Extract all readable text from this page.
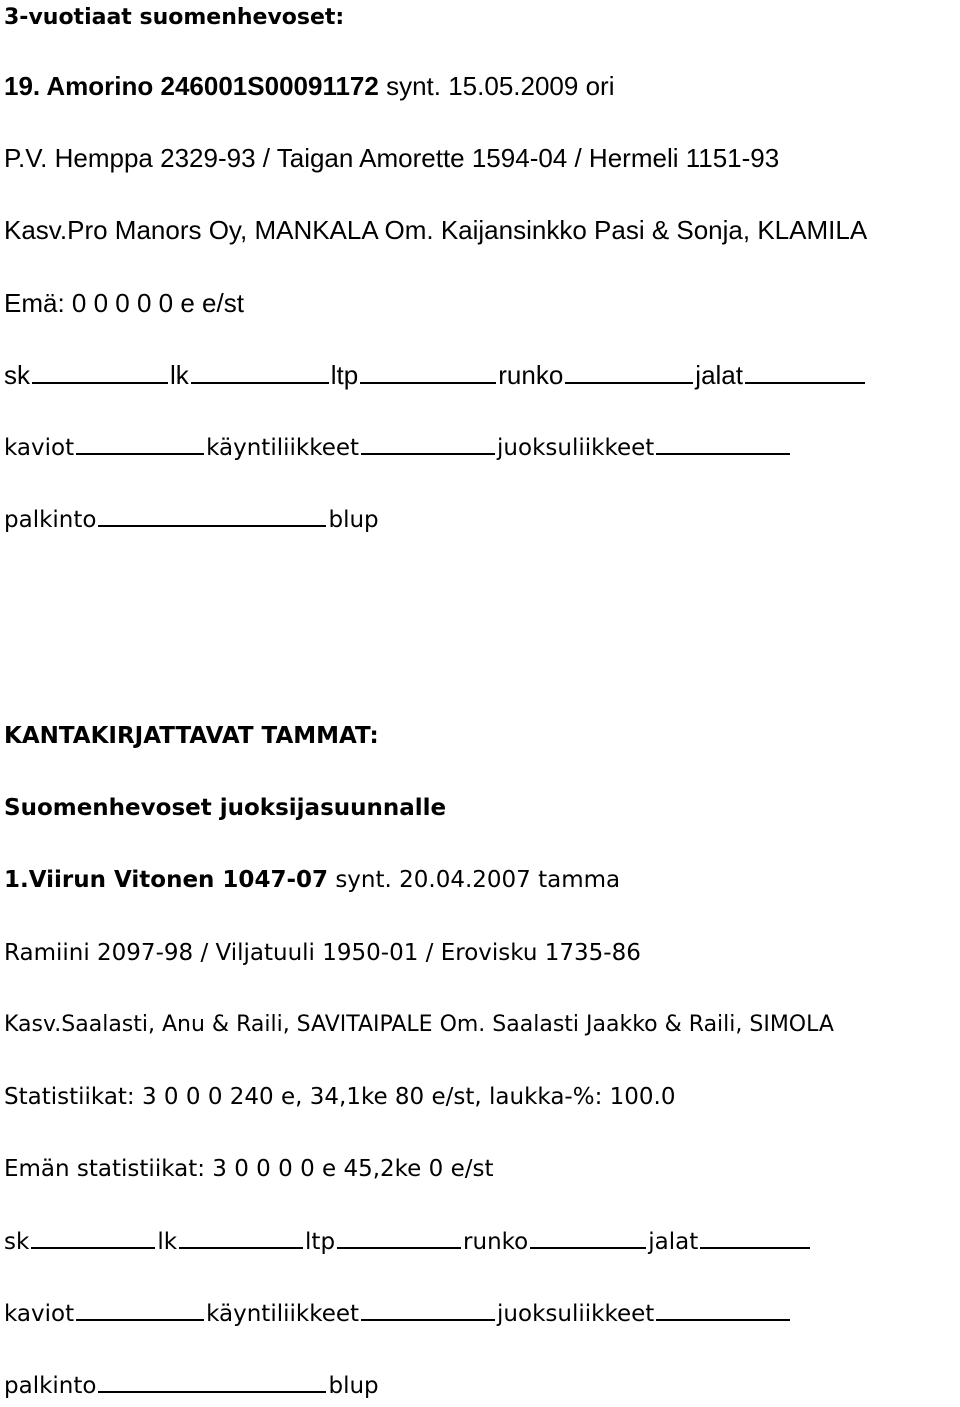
3-vuotiaat suomenhevoset:
19. Amorino 246001S00091172 synt. 15.05.2009 ori
P.V. Hemppa 2329-93 / Taigan Amorette 1594-04 / Hermeli 1151-93
Kasv.Pro Manors Oy, MANKALA Om. Kaijansinkko Pasi & Sonja, KLAMILA
Emä: 0 0 0 0 0 e e/st
sk	lk	ltp	runko	jalat
kaviot	käyntiliikkeet	juoksuliikkeet
palkinto	blup
KANTAKIRJATTAVAT TAMMAT:
Suomenhevoset juoksijasuunnalle
1.Viirun Vitonen 1047-07 synt. 20.04.2007 tamma
Ramiini 2097-98 / Viljatuuli 1950-01 / Erovisku 1735-86
Kasv.Saalasti, Anu & Raili, SAVITAIPALE Om. Saalasti Jaakko & Raili, SIMOLA
Statistiikat: 3 0 0 0 240 e, 34,1ke 80 e/st, laukka-%: 100.0
Emän statistiikat: 3 0 0 0 0 e 45,2ke 0 e/st
sk	lk	ltp	runko	jalat
kaviot	käyntiliikkeet	juoksuliikkeet
palkinto	blup
